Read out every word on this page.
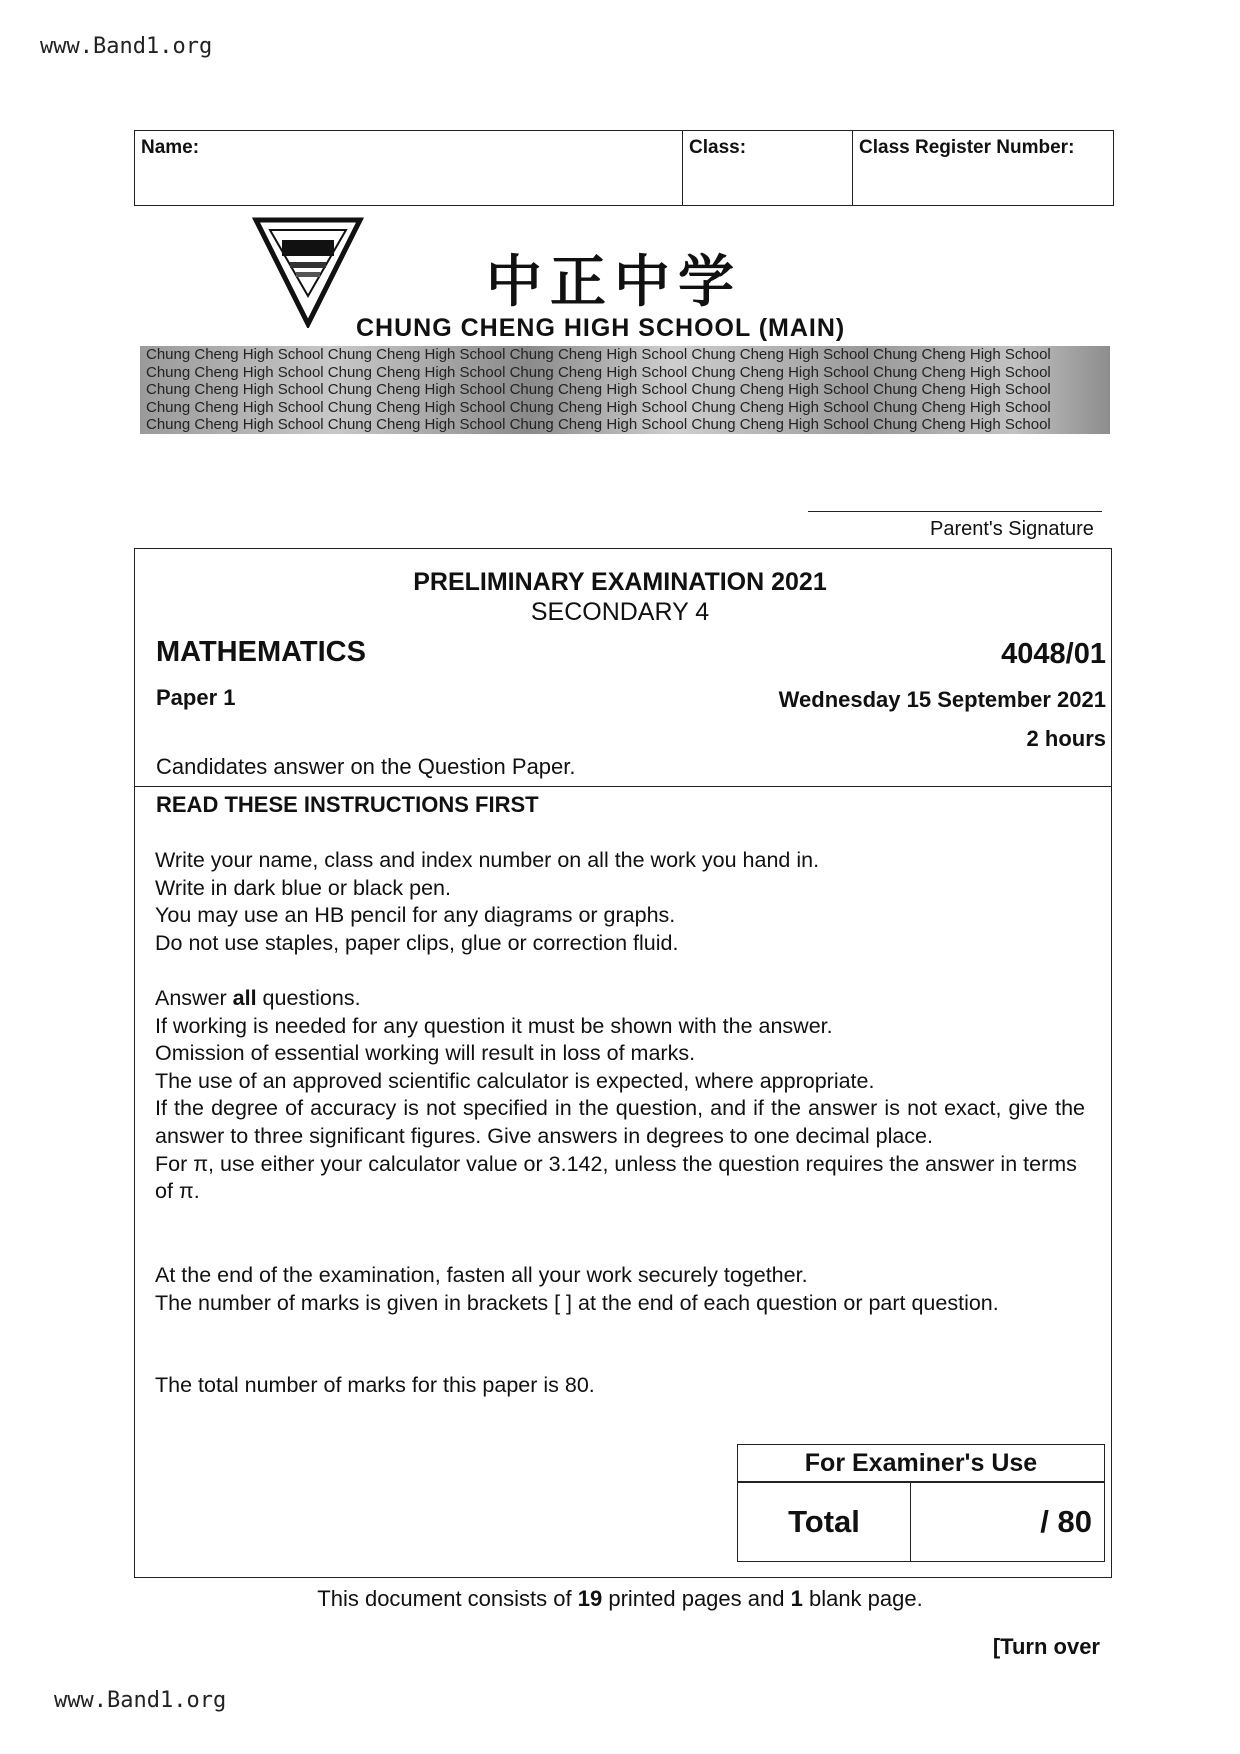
www.Band1.org
Name:	Class:	Class Register Number:
中正中学
CHUNG CHENG HIGH SCHOOL (MAIN)
Chung Cheng High School Chung Cheng High School Chung Cheng High School Chung Cheng High School Chung Cheng High School
Chung Cheng High School Chung Cheng High School Chung Cheng High School Chung Cheng High School Chung Cheng High School
Chung Cheng High School Chung Cheng High School Chung Cheng High School Chung Cheng High School Chung Cheng High School
Chung Cheng High School Chung Cheng High School Chung Cheng High School Chung Cheng High School Chung Cheng High School
Chung Cheng High School Chung Cheng High School Chung Cheng High School Chung Cheng High School Chung Cheng High School
Parent's Signature
PRELIMINARY EXAMINATION 2021
SECONDARY 4
MATHEMATICS	4048/01
Paper 1	Wednesday 15 September 2021
2 hours
Candidates answer on the Question Paper.
READ THESE INSTRUCTIONS FIRST
Write your name, class and index number on all the work you hand in.
Write in dark blue or black pen.
You may use an HB pencil for any diagrams or graphs.
Do not use staples, paper clips, glue or correction fluid.
Answer all questions.
If working is needed for any question it must be shown with the answer.
Omission of essential working will result in loss of marks.
The use of an approved scientific calculator is expected, where appropriate.
If the degree of accuracy is not specified in the question, and if the answer is not exact, give the answer to three significant figures. Give answers in degrees to one decimal place.
For π, use either your calculator value or 3.142, unless the question requires the answer in terms of π.
At the end of the examination, fasten all your work securely together.
The number of marks is given in brackets [ ] at the end of each question or part question.
The total number of marks for this paper is 80.
For Examiner's Use
Total	/ 80
This document consists of 19 printed pages and 1 blank page.
[Turn over
www.Band1.org
